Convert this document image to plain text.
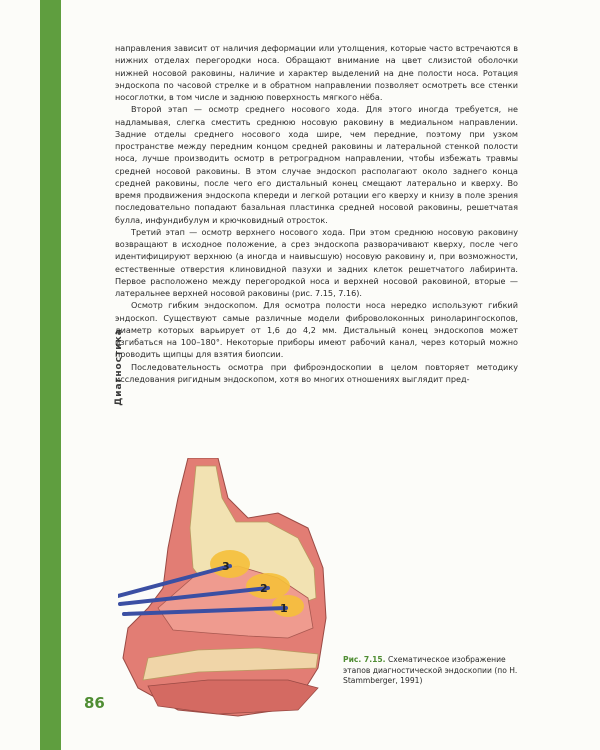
Диагностика

направления зависит от наличия деформации или утолщения, которые часто встречаются в нижних отделах перегородки носа. Обращают внимание на цвет слизистой оболочки нижней носовой раковины, наличие и характер выделений на дне полости носа. Ротация эндоскопа по часовой стрелке и в обратном направлении позволяет осмотреть все стенки носоглотки, в том числе и заднюю поверхность мягкого нёба.

Второй этап — осмотр среднего носового хода. Для этого иногда требуется, не надламывая, слегка сместить среднюю носовую раковину в медиальном направлении. Задние отделы среднего носового хода шире, чем передние, поэтому при узком пространстве между передним концом средней раковины и латеральной стенкой полости носа, лучше производить осмотр в ретроградном направлении, чтобы избежать травмы средней носовой раковины. В этом случае эндоскоп располагают около заднего конца средней раковины, после чего его дистальный конец смещают латерально и кверху. Во время продвижения эндоскопа кпереди и легкой ротации его кверху и книзу в поле зрения последовательно попадают базальная пластинка средней носовой раковины, решетчатая булла, инфундибулум и крючковидный отросток.

Третий этап — осмотр верхнего носового хода. При этом среднюю носовую раковину возвращают в исходное положение, а срез эндоскопа разворачивают кверху, после чего идентифицируют верхнюю (а иногда и наивысшую) носовую раковину и, при возможности, естественные отверстия клиновидной пазухи и задних клеток решетчатого лабиринта. Первое расположено между перегородкой носа и верхней носовой раковиной, вторые — латеральнее верхней носовой раковины (рис. 7.15, 7.16).

Осмотр гибким эндоскопом. Для осмотра полости носа нередко используют гибкий эндоскоп. Существуют самые различные модели фиброволоконных риноларингоскопов, диаметр которых варьирует от 1,6 до 4,2 мм. Дистальный конец эндоскопов может изгибаться на 100–180°. Некоторые приборы имеют рабочий канал, через который можно проводить щипцы для взятия биопсии.

Последовательность осмотра при фиброэндоскопии в целом повторяет методику исследования ригидным эндоскопом, хотя во многих отношениях выглядит пред-

3
2
1
Рис. 7.15. Схематическое изображение этапов диагностической эндоскопии (по H. Stammberger, 1991)
86
